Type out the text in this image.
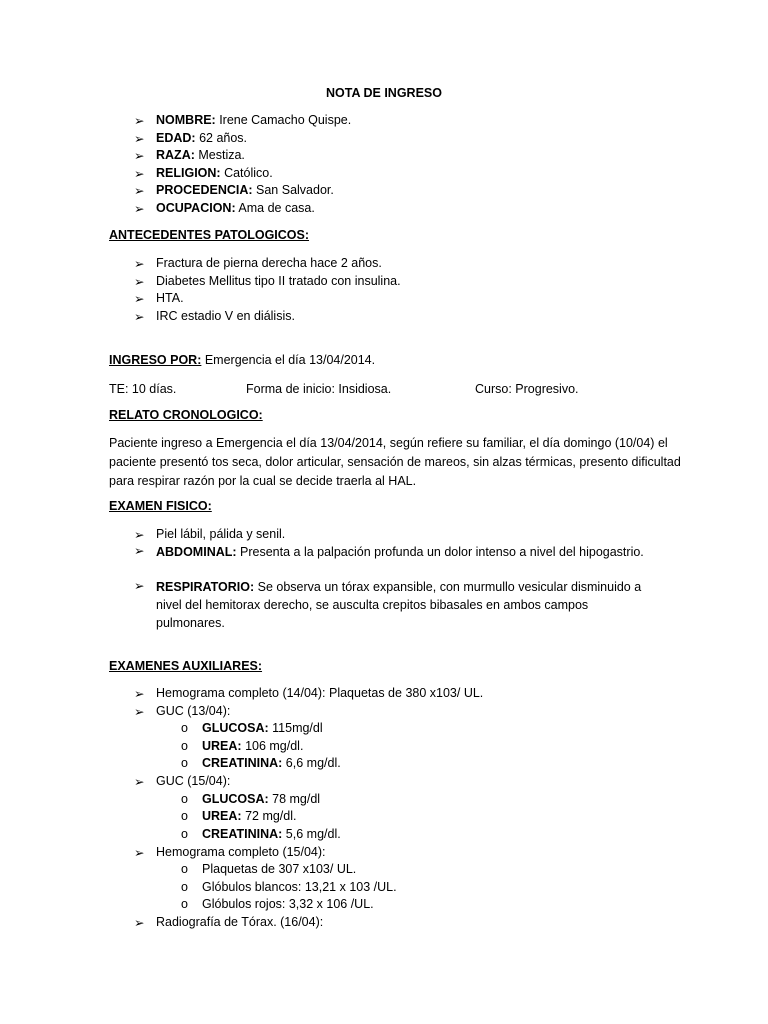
NOTA DE INGRESO
➢ NOMBRE: Irene Camacho Quispe.
➢ EDAD: 62 años.
➢ RAZA: Mestiza.
➢ RELIGION: Católico.
➢ PROCEDENCIA: San Salvador.
➢ OCUPACION: Ama de casa.
ANTECEDENTES PATOLOGICOS:
➢ Fractura de pierna derecha hace 2 años.
➢ Diabetes Mellitus tipo II tratado con insulina.
➢ HTA.
➢ IRC estadio V en diálisis.
INGRESO POR: Emergencia el día 13/04/2014.
TE: 10 días.	Forma de inicio: Insidiosa.	Curso: Progresivo.
RELATO CRONOLOGICO:
Paciente ingreso a Emergencia el día 13/04/2014, según refiere su familiar, el día domingo (10/04) el paciente presentó tos seca, dolor articular, sensación de mareos, sin alzas térmicas, presento dificultad para respirar razón por la cual se decide traerla al HAL.
EXAMEN FISICO:
➢ Piel lábil, pálida y senil.
➢ ABDOMINAL: Presenta a la palpación profunda un dolor intenso a nivel del hipogastrio.
➢ RESPIRATORIO: Se observa un tórax expansible, con murmullo vesicular disminuido a nivel del hemitorax derecho, se ausculta crepitos bibasales en ambos campos pulmonares.
EXAMENES AUXILIARES:
➢ Hemograma completo (14/04): Plaquetas de 380 x103/ UL.
➢ GUC (13/04):
o GLUCOSA: 115mg/dl
o UREA: 106 mg/dl.
o CREATININA: 6,6 mg/dl.
➢ GUC (15/04):
o GLUCOSA: 78 mg/dl
o UREA: 72 mg/dl.
o CREATININA: 5,6 mg/dl.
➢ Hemograma completo (15/04):
o Plaquetas de 307 x103/ UL.
o Glóbulos blancos: 13,21 x 103 /UL.
o Glóbulos rojos: 3,32 x 106 /UL.
➢ Radiografía de Tórax. (16/04):
